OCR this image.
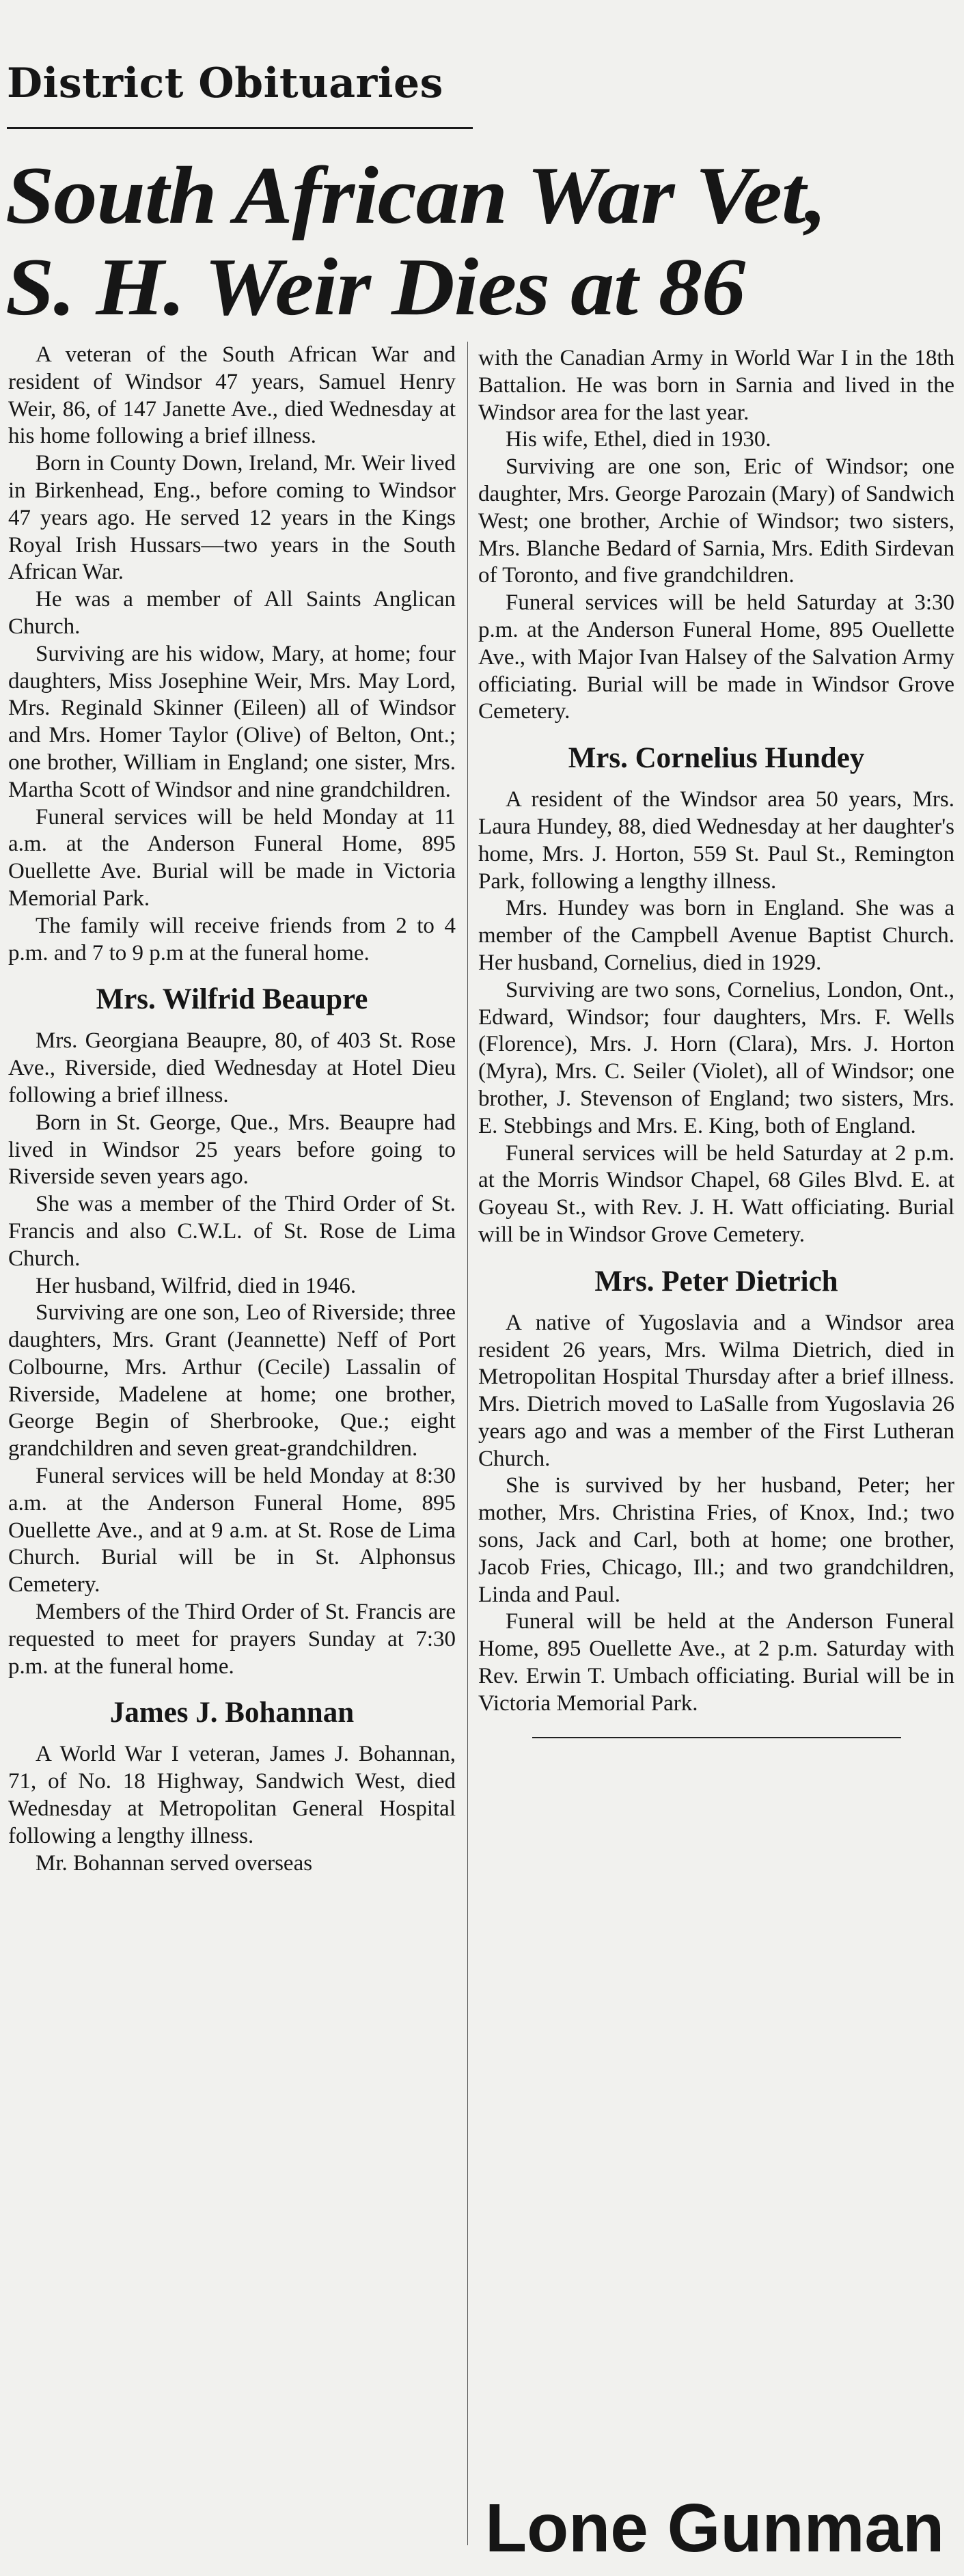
District Obituaries
South African War Vet,
S. H. Weir Dies at 86

A veteran of the South African War and resident of Windsor 47 years, Samuel Henry Weir, 86, of 147 Janette Ave., died Wednesday at his home following a brief illness.

Born in County Down, Ireland, Mr. Weir lived in Birkenhead, Eng., before coming to Windsor 47 years ago. He served 12 years in the Kings Royal Irish Hussars—two years in the South African War.

He was a member of All Saints Anglican Church.

Surviving are his widow, Mary, at home; four daughters, Miss Josephine Weir, Mrs. May Lord, Mrs. Reginald Skinner (Eileen) all of Windsor and Mrs. Homer Taylor (Olive) of Belton, Ont.; one brother, William in England; one sister, Mrs. Martha Scott of Windsor and nine grandchildren.

Funeral services will be held Monday at 11 a.m. at the Anderson Funeral Home, 895 Ouellette Ave. Burial will be made in Victoria Memorial Park.

The family will receive friends from 2 to 4 p.m. and 7 to 9 p.m at the funeral home.

Mrs. Wilfrid Beaupre

Mrs. Georgiana Beaupre, 80, of 403 St. Rose Ave., Riverside, died Wednesday at Hotel Dieu following a brief illness.

Born in St. George, Que., Mrs. Beaupre had lived in Windsor 25 years before going to Riverside seven years ago.

She was a member of the Third Order of St. Francis and also C.W.L. of St. Rose de Lima Church.

Her husband, Wilfrid, died in 1946.

Surviving are one son, Leo of Riverside; three daughters, Mrs. Grant (Jeannette) Neff of Port Colbourne, Mrs. Arthur (Cecile) Lassalin of Riverside, Madelene at home; one brother, George Begin of Sherbrooke, Que.; eight grandchildren and seven great-grandchildren.

Funeral services will be held Monday at 8:30 a.m. at the Anderson Funeral Home, 895 Ouellette Ave., and at 9 a.m. at St. Rose de Lima Church. Burial will be in St. Alphonsus Cemetery.

Members of the Third Order of St. Francis are requested to meet for prayers Sunday at 7:30 p.m. at the funeral home.

James J. Bohannan

A World War I veteran, James J. Bohannan, 71, of No. 18 Highway, Sandwich West, died Wednesday at Metropolitan General Hospital following a lengthy illness.

Mr. Bohannan served overseas

with the Canadian Army in World War I in the 18th Battalion. He was born in Sarnia and lived in the Windsor area for the last year.

His wife, Ethel, died in 1930.

Surviving are one son, Eric of Windsor; one daughter, Mrs. George Parozain (Mary) of Sandwich West; one brother, Archie of Windsor; two sisters, Mrs. Blanche Bedard of Sarnia, Mrs. Edith Sirdevan of Toronto, and five grandchildren.

Funeral services will be held Saturday at 3:30 p.m. at the Anderson Funeral Home, 895 Ouellette Ave., with Major Ivan Halsey of the Salvation Army officiating. Burial will be made in Windsor Grove Cemetery.

Mrs. Cornelius Hundey

A resident of the Windsor area 50 years, Mrs. Laura Hundey, 88, died Wednesday at her daughter's home, Mrs. J. Horton, 559 St. Paul St., Remington Park, following a lengthy illness.

Mrs. Hundey was born in England. She was a member of the Campbell Avenue Baptist Church. Her husband, Cornelius, died in 1929.

Surviving are two sons, Cornelius, London, Ont., Edward, Windsor; four daughters, Mrs. F. Wells (Florence), Mrs. J. Horn (Clara), Mrs. J. Horton (Myra), Mrs. C. Seiler (Violet), all of Windsor; one brother, J. Stevenson of England; two sisters, Mrs. E. Stebbings and Mrs. E. King, both of England.

Funeral services will be held Saturday at 2 p.m. at the Morris Windsor Chapel, 68 Giles Blvd. E. at Goyeau St., with Rev. J. H. Watt officiating. Burial will be in Windsor Grove Cemetery.

Mrs. Peter Dietrich

A native of Yugoslavia and a Windsor area resident 26 years, Mrs. Wilma Dietrich, died in Metropolitan Hospital Thursday after a brief illness. Mrs. Dietrich moved to LaSalle from Yugoslavia 26 years ago and was a member of the First Lutheran Church.

She is survived by her husband, Peter; her mother, Mrs. Christina Fries, of Knox, Ind.; two sons, Jack and Carl, both at home; one brother, Jacob Fries, Chicago, Ill.; and two grandchildren, Linda and Paul.

Funeral will be held at the Anderson Funeral Home, 895 Ouellette Ave., at 2 p.m. Saturday with Rev. Erwin T. Umbach officiating. Burial will be in Victoria Memorial Park.

Lone Gunman
